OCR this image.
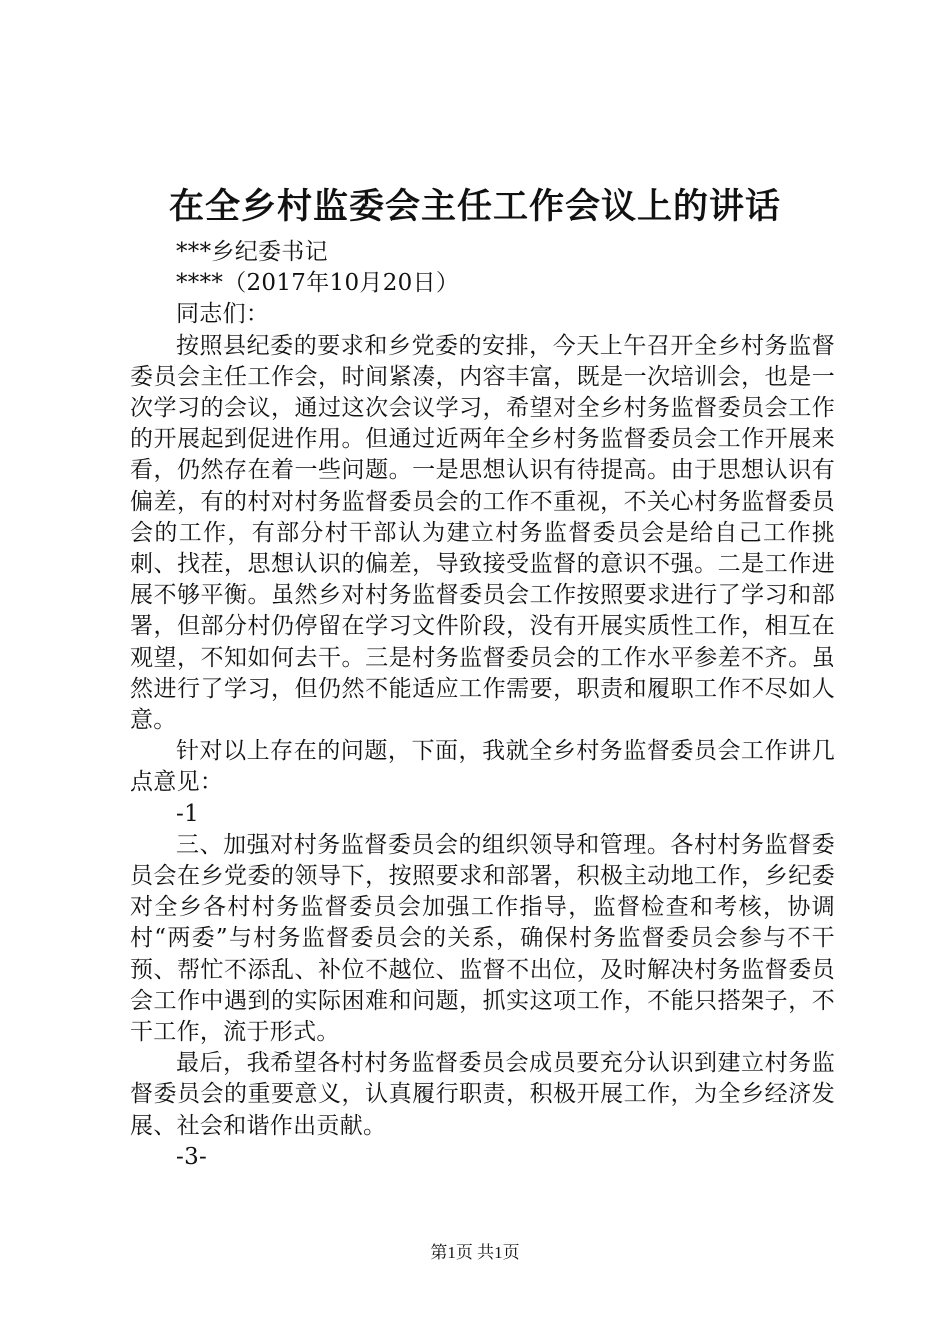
在全乡村监委会主任工作会议上的讲话

***乡纪委书记

****（2017年10月20日）

同志们：

按照县纪委的要求和乡党委的安排，今天上午召开全乡村务监督委员会主任工作会，时间紧凑，内容丰富，既是一次培训会，也是一次学习的会议，通过这次会议学习，希望对全乡村务监督委员会工作的开展起到促进作用。但通过近两年全乡村务监督委员会工作开展来看，仍然存在着一些问题。一是思想认识有待提高。由于思想认识有偏差，有的村对村务监督委员会的工作不重视，不关心村务监督委员会的工作，有部分村干部认为建立村务监督委员会是给自己工作挑刺、找茬，思想认识的偏差，导致接受监督的意识不强。二是工作进展不够平衡。虽然乡对村务监督委员会工作按照要求进行了学习和部署，但部分村仍停留在学习文件阶段，没有开展实质性工作，相互在观望，不知如何去干。三是村务监督委员会的工作水平参差不齐。虽然进行了学习，但仍然不能适应工作需要，职责和履职工作不尽如人意。

针对以上存在的问题，下面，我就全乡村务监督委员会工作讲几点意见：

-1

三、加强对村务监督委员会的组织领导和管理。各村村务监督委员会在乡党委的领导下，按照要求和部署，积极主动地工作，乡纪委对全乡各村村务监督委员会加强工作指导，监督检查和考核，协调村“两委”与村务监督委员会的关系，确保村务监督委员会参与不干预、帮忙不添乱、补位不越位、监督不出位，及时解决村务监督委员会工作中遇到的实际困难和问题，抓实这项工作，不能只搭架子，不干工作，流于形式。

最后，我希望各村村务监督委员会成员要充分认识到建立村务监督委员会的重要意义，认真履行职责，积极开展工作，为全乡经济发展、社会和谐作出贡献。

-3-

第1页 共1页
